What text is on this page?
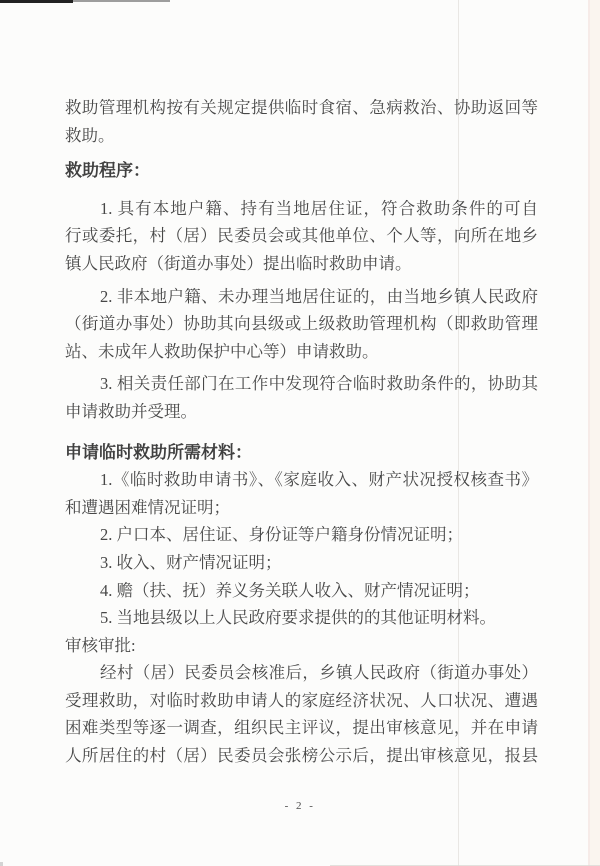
救助管理机构按有关规定提供临时食宿、急病救治、协助返回等
救助。
救助程序：
1. 具有本地户籍、持有当地居住证，符合救助条件的可自
行或委托，村（居）民委员会或其他单位、个人等，向所在地乡
镇人民政府（街道办事处）提出临时救助申请。
2. 非本地户籍、未办理当地居住证的，由当地乡镇人民政府
（街道办事处）协助其向县级或上级救助管理机构（即救助管理
站、未成年人救助保护中心等）申请救助。
3. 相关责任部门在工作中发现符合临时救助条件的，协助其
申请救助并受理。
申请临时救助所需材料：
1.《临时救助申请书》、《家庭收入、财产状况授权核查书》
和遭遇困难情况证明；
2. 户口本、居住证、身份证等户籍身份情况证明；
3. 收入、财产情况证明；
4. 赡（扶、抚）养义务关联人收入、财产情况证明；
5. 当地县级以上人民政府要求提供的的其他证明材料。
审核审批:
经村（居）民委员会核准后，乡镇人民政府（街道办事处）
受理救助，对临时救助申请人的家庭经济状况、人口状况、遭遇
困难类型等逐一调查，组织民主评议，提出审核意见，并在申请
人所居住的村（居）民委员会张榜公示后，提出审核意见，报县
- 2 -
